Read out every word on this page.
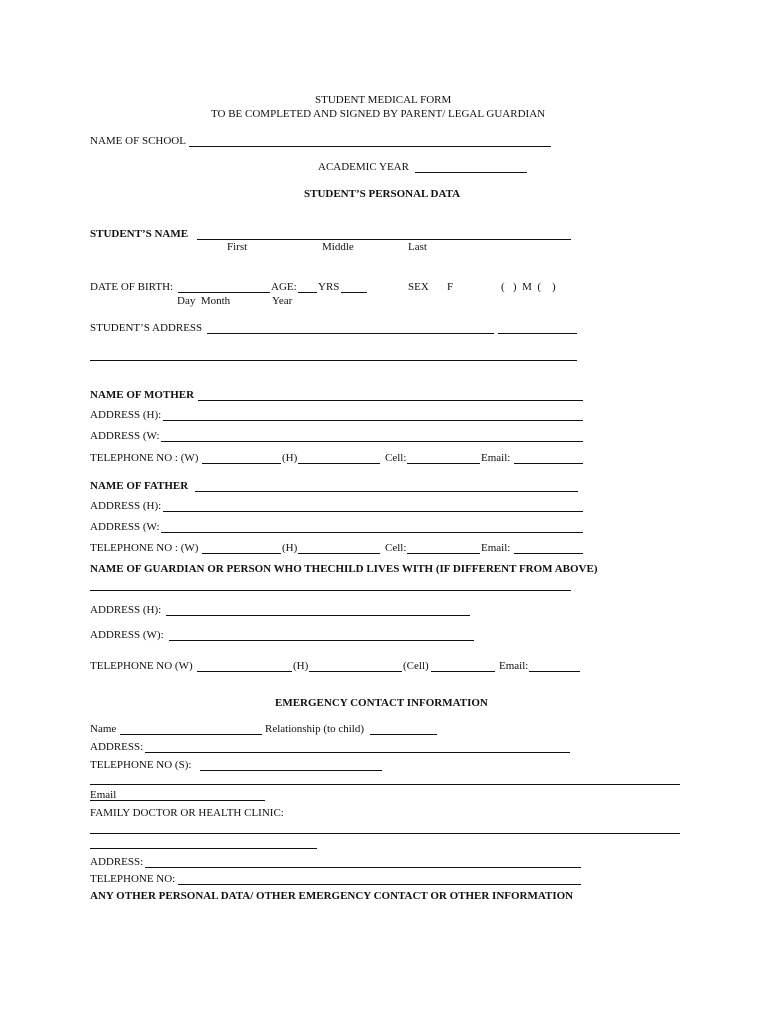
STUDENT MEDICAL FORM
TO BE COMPLETED AND SIGNED BY PARENT/ LEGAL GUARDIAN
NAME OF SCHOOL
ACADEMIC YEAR
STUDENT’S PERSONAL DATA
STUDENT’S NAME
First	Middle	Last
DATE OF BIRTH:	AGE: YRS	SEX F	(   )  M  (    )
Day  Month	Year
STUDENT’S ADDRESS
NAME OF MOTHER
ADDRESS (H):
ADDRESS (W:
TELEPHONE NO : (W)	(H)	Cell:	Email:
NAME OF FATHER
ADDRESS (H):
ADDRESS (W:
TELEPHONE NO : (W)	(H)	Cell:	Email:
NAME OF GUARDIAN OR PERSON WHO THECHILD LIVES WITH (IF DIFFERENT FROM ABOVE)
ADDRESS (H):
ADDRESS (W):
TELEPHONE NO (W)	(H)	(Cell)	Email:
EMERGENCY CONTACT INFORMATION
Name	Relationship (to child)
ADDRESS:
TELEPHONE NO (S):
Email
FAMILY DOCTOR OR HEALTH CLINIC:
ADDRESS:
TELEPHONE NO:
ANY OTHER PERSONAL DATA/ OTHER EMERGENCY CONTACT OR OTHER INFORMATION
